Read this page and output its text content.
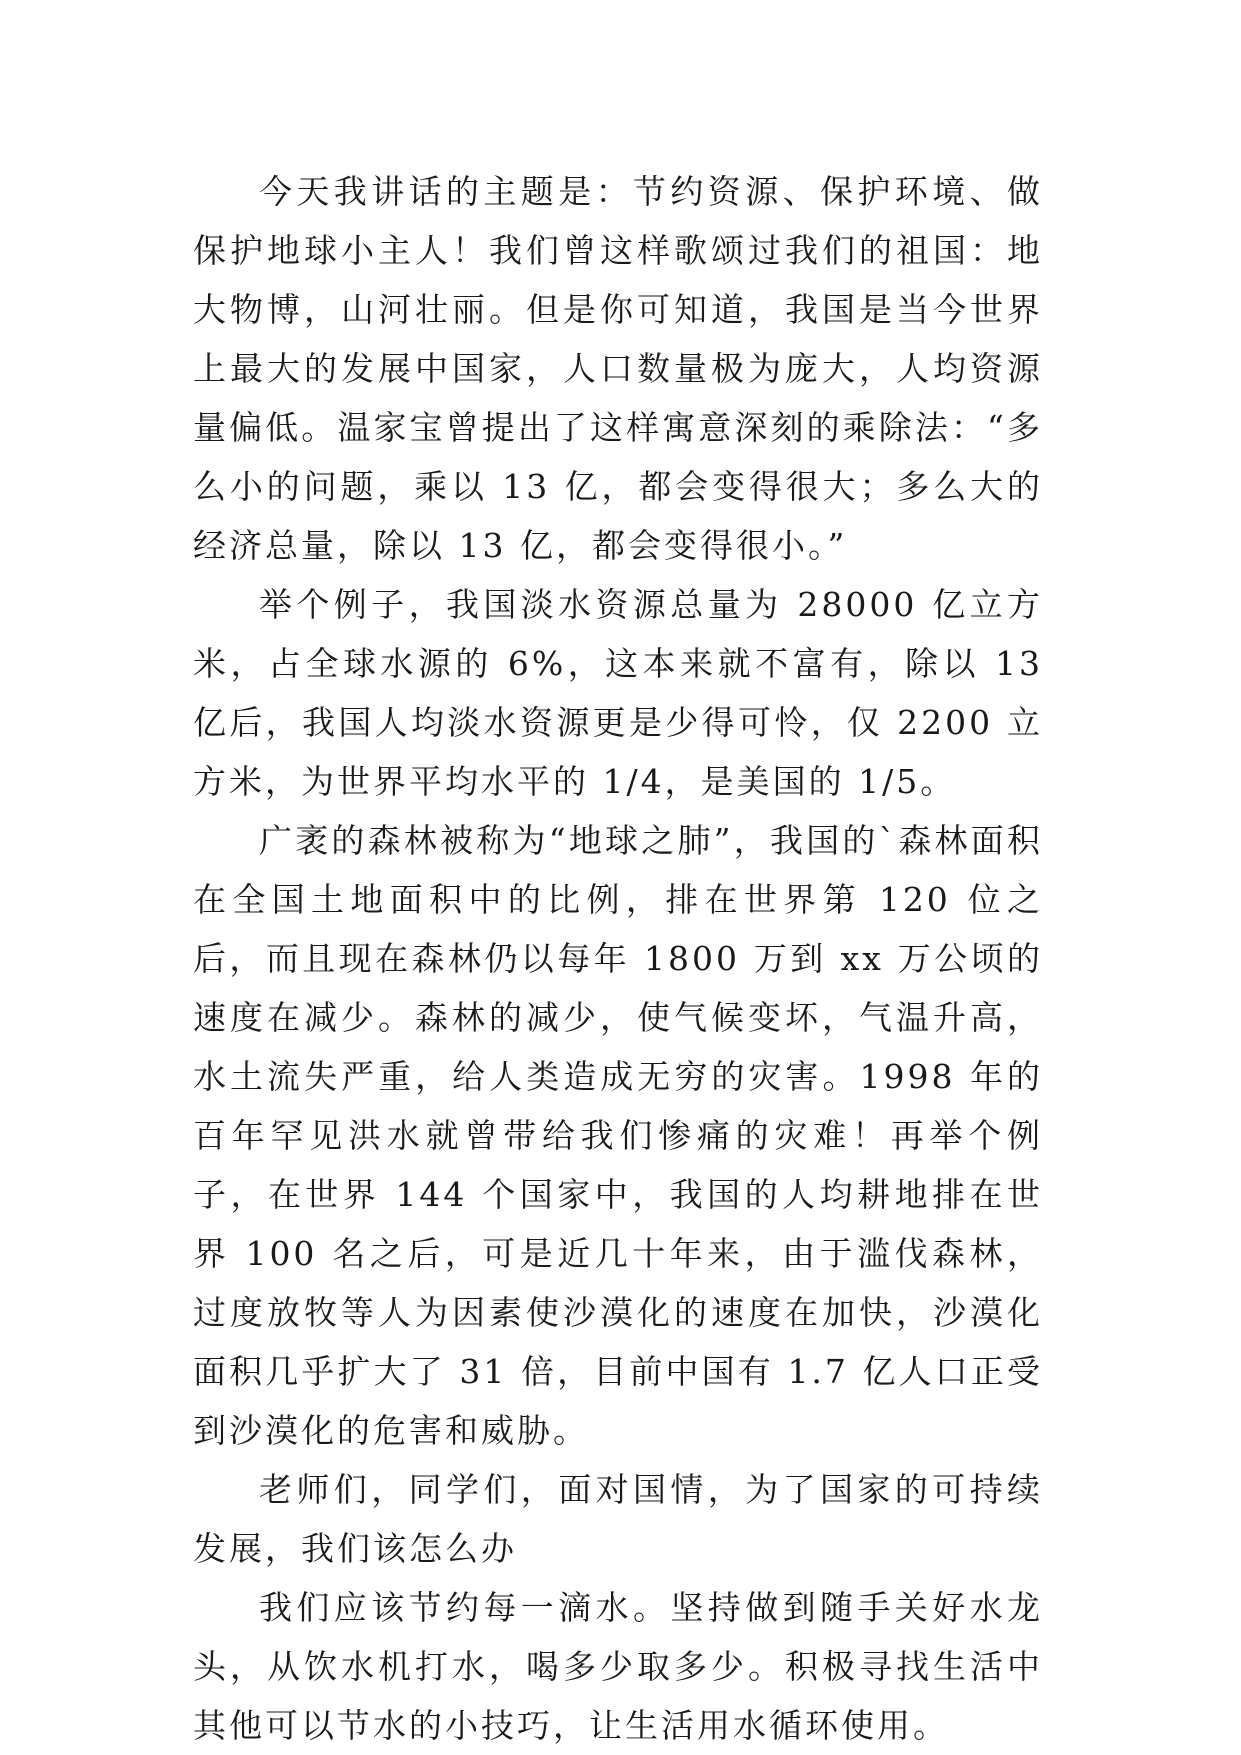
今天我讲话的主题是：节约资源、保护环境、做保护地球小主人！我们曾这样歌颂过我们的祖国：地大物博，山河壮丽。但是你可知道，我国是当今世界上最大的发展中国家，人口数量极为庞大，人均资源量偏低。温家宝曾提出了这样寓意深刻的乘除法：“多么小的问题，乘以 13 亿，都会变得很大；多么大的经济总量，除以 13 亿，都会变得很小。”

举个例子，我国淡水资源总量为 28000 亿立方米，占全球水源的 6%，这本来就不富有，除以 13 亿后，我国人均淡水资源更是少得可怜，仅 2200 立方米，为世界平均水平的 1/4，是美国的 1/5。

广袤的森林被称为“地球之肺”，我国的`森林面积在全国土地面积中的比例，排在世界第 120 位之后，而且现在森林仍以每年 1800 万到 xx 万公顷的速度在减少。森林的减少，使气候变坏，气温升高，水土流失严重，给人类造成无穷的灾害。1998 年的百年罕见洪水就曾带给我们惨痛的灾难！再举个例子，在世界 144 个国家中，我国的人均耕地排在世界 100 名之后，可是近几十年来，由于滥伐森林，过度放牧等人为因素使沙漠化的速度在加快，沙漠化面积几乎扩大了 31 倍，目前中国有 1.7 亿人口正受到沙漠化的危害和威胁。

老师们，同学们，面对国情，为了国家的可持续发展，我们该怎么办

我们应该节约每一滴水。坚持做到随手关好水龙头，从饮水机打水，喝多少取多少。积极寻找生活中其他可以节水的小技巧，让生活用水循环使用。
